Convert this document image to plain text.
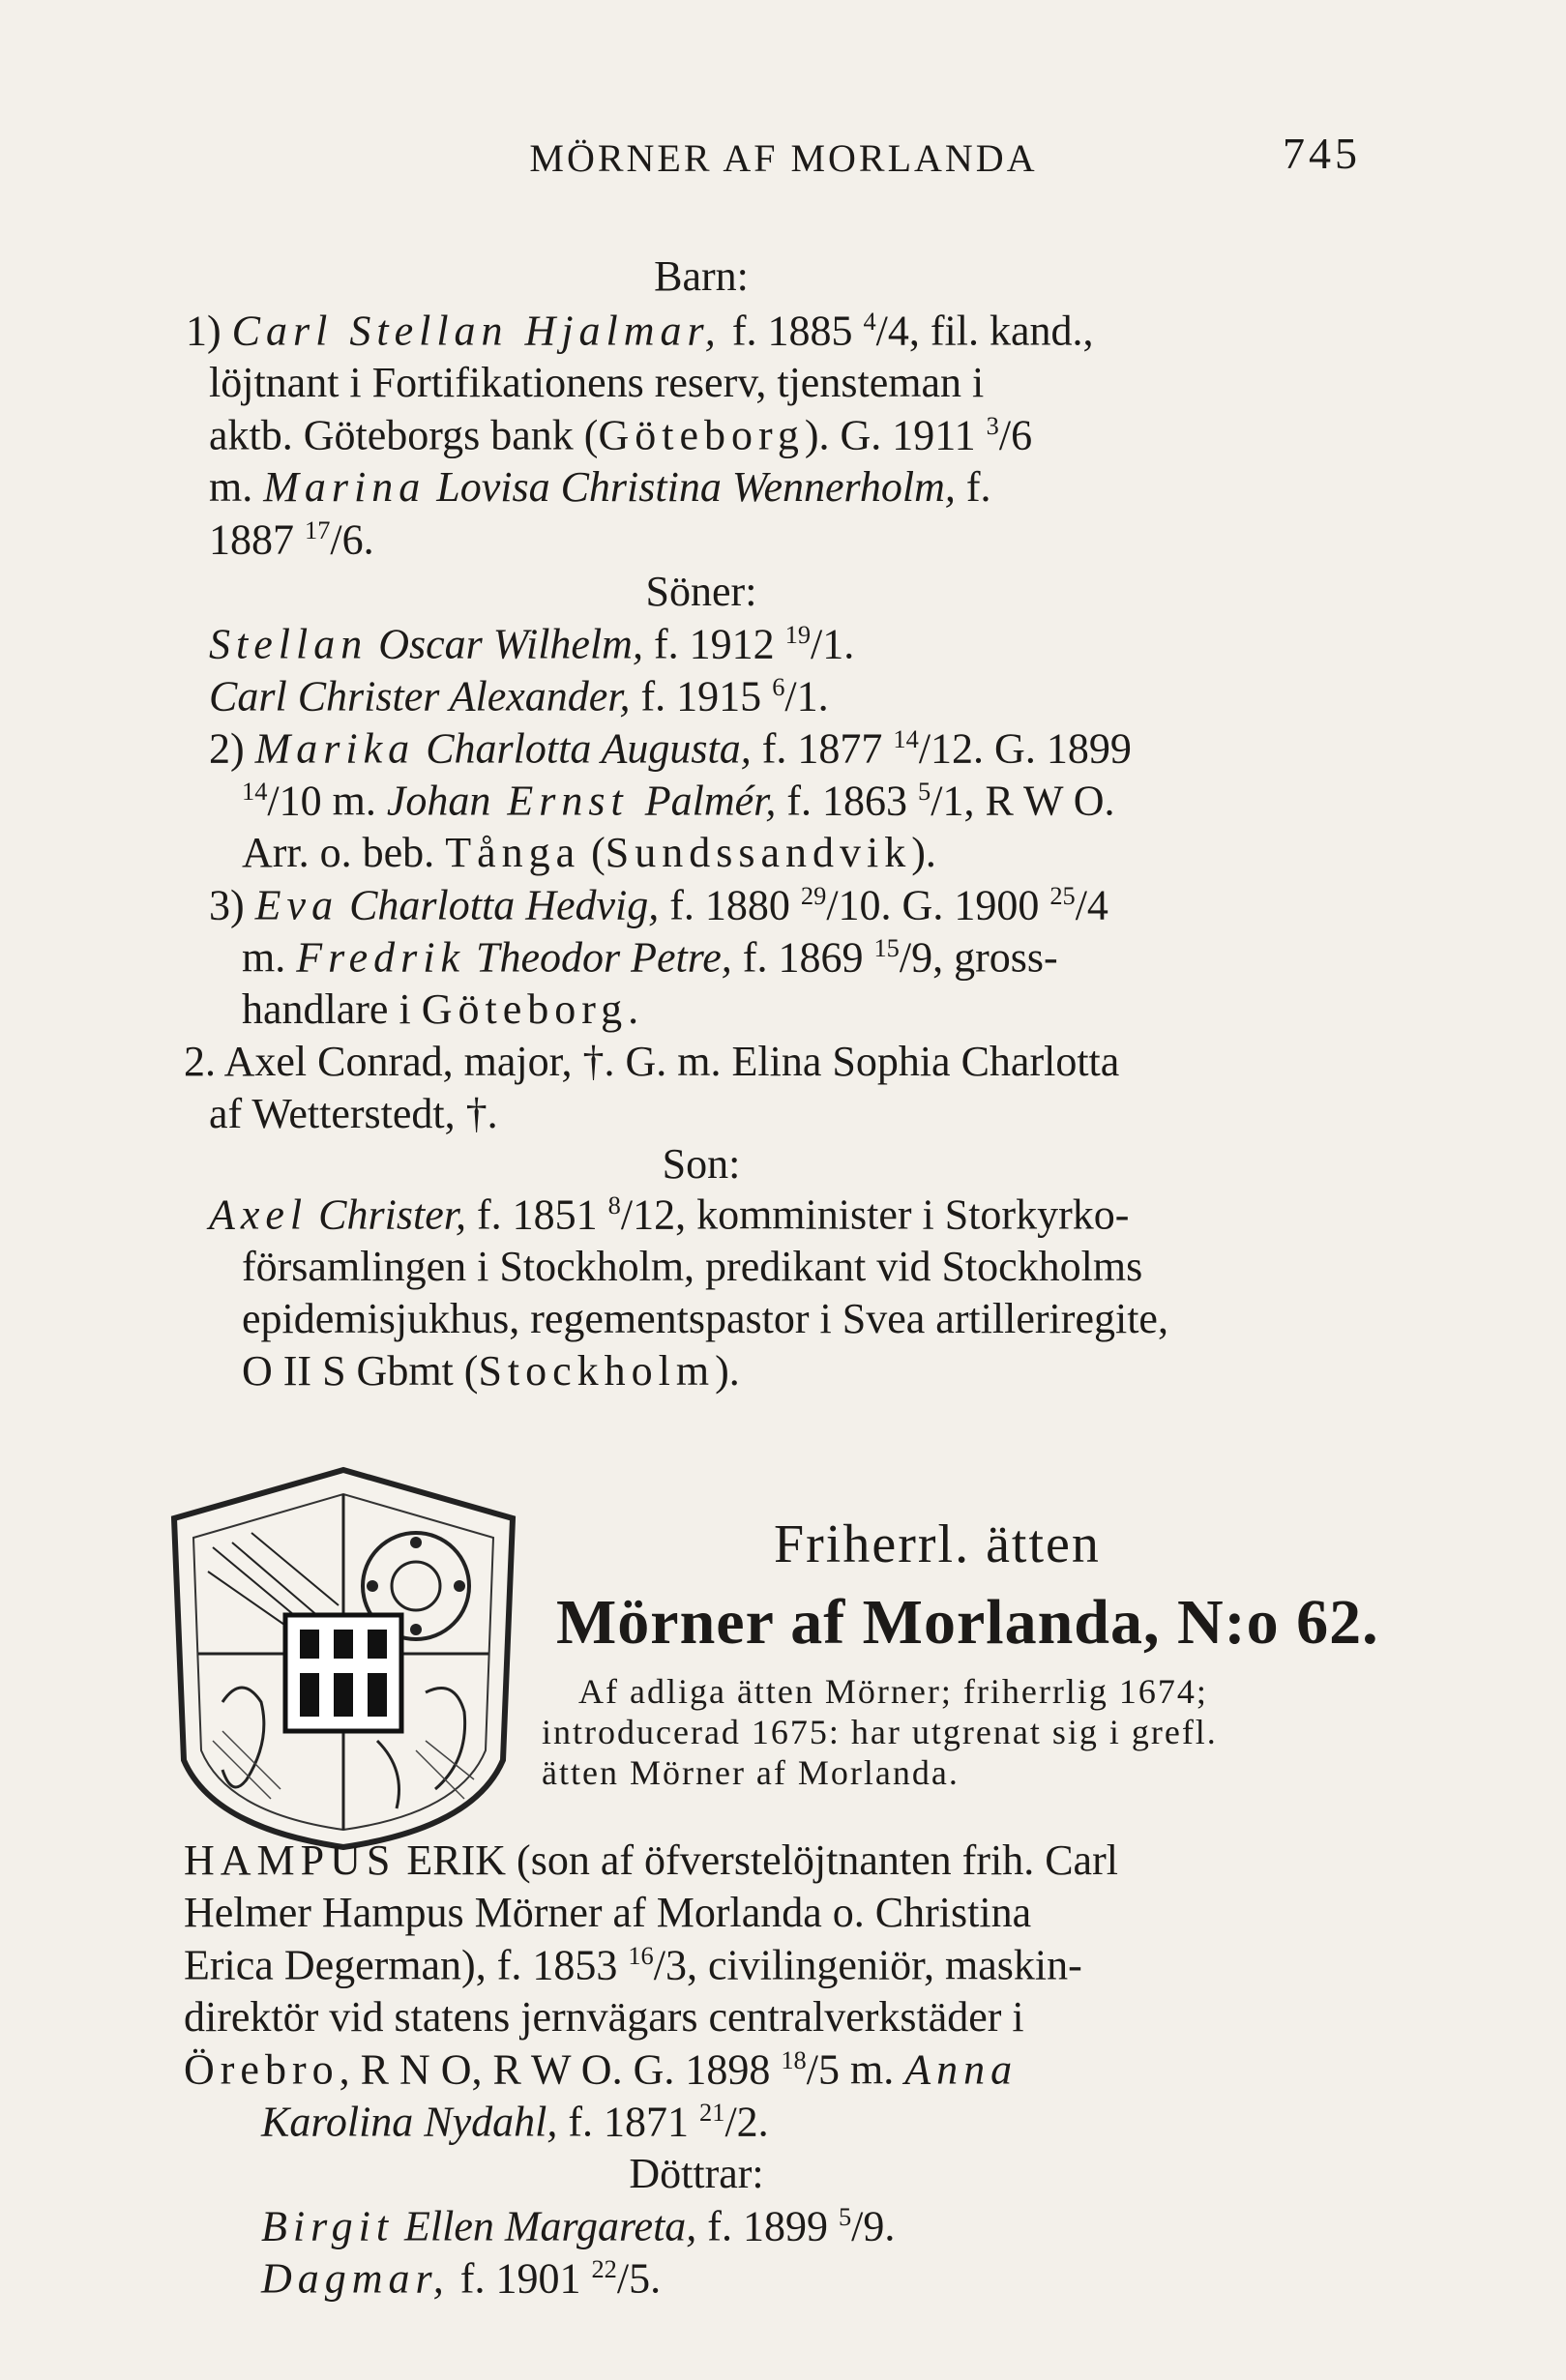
MÖRNER AF MORLANDA	745
Barn:
1) Carl Stellan Hjalmar, f. 1885 $^4$/4, fil. kand.,
löjtnant i Fortifikationens reserv, tjensteman i
aktb. Göteborgs bank (Göteborg). G. 1911 $^3$/6
m. Marina Lovisa Christina Wennerholm, f.
1887 $^{17}$/6.
Söner:
Stellan Oscar Wilhelm, f. 1912 $^{19}$/1.
Carl Christer Alexander, f. 1915 $^6$/1.
2) Marika Charlotta Augusta, f. 1877 $^{14}$/12. G. 1899
$^{14}$/10 m. Johan Ernst Palmér, f. 1863 $^5$/1, R W O.
Arr. o. beb. Tånga (Sundssandvik).
3) Eva Charlotta Hedvig, f. 1880 $^{29}$/10. G. 1900 $^{25}$/4
m. Fredrik Theodor Petre, f. 1869 $^{15}$/9, gross-
handlare i Göteborg.
2. Axel Conrad, major, †. G. m. Elina Sophia Charlotta
af Wetterstedt, †.
Son:
Axel Christer, f. 1851 $^8$/12, komminister i Storkyrko-
församlingen i Stockholm, predikant vid Stockholms
epidemisjukhus, regementspastor i Svea artilleriregite,
O II S Gbmt (Stockholm).
Friherrl. ätten
Mörner af Morlanda, N:o 62.
Af adliga ätten Mörner; friherrlig 1674;
introducerad 1675: har utgrenat sig i grefl.
ätten Mörner af Morlanda.
HAMPUS ERIK (son af öfverstelöjtnanten frih. Carl
Helmer Hampus Mörner af Morlanda o. Christina
Erica Degerman), f. 1853 $^{16}$/3, civilingeniör, maskin-
direktör vid statens jernvägars centralverkstäder i
Örebro, R N O, R W O. G. 1898 $^{18}$/5 m. Anna
Karolina Nydahl, f. 1871 $^{21}$/2.
Döttrar:
Birgit Ellen Margareta, f. 1899 $^5$/9.
Dagmar, f. 1901 $^{22}$/5.
